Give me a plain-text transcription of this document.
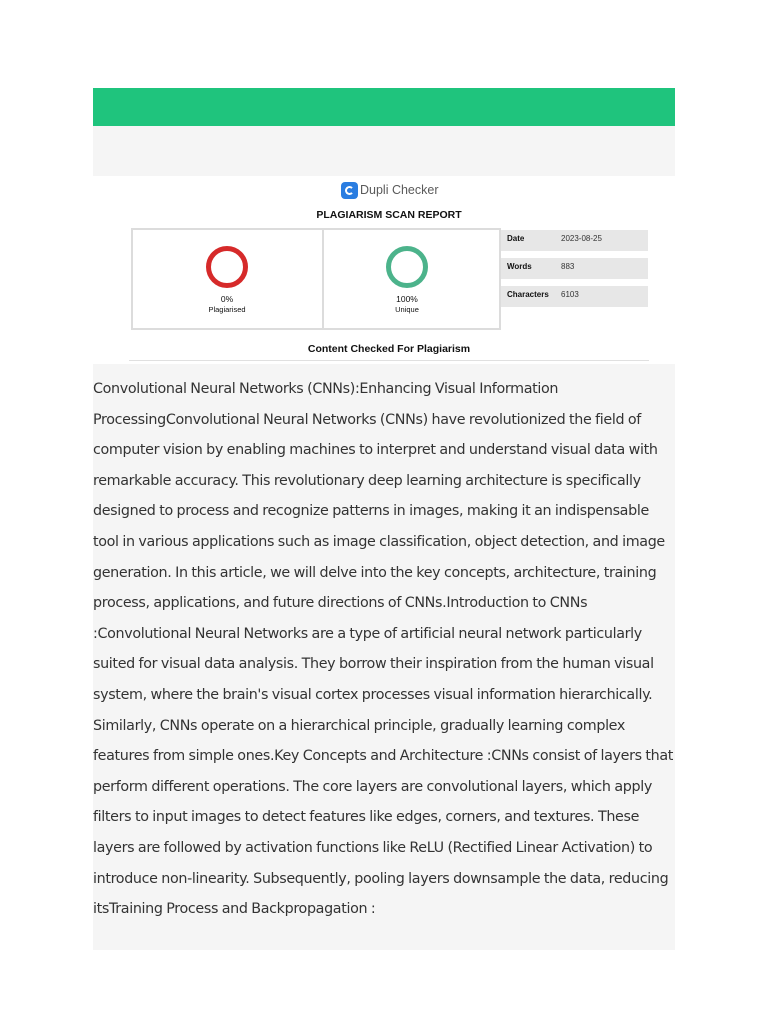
Dupli Checker
PLAGIARISM SCAN REPORT
0%
Plagiarised
100%
Unique
Date	2023-08-25
Words	883
Characters 6103
Content Checked For Plagiarism

Convolutional Neural Networks (CNNs):Enhancing Visual Information ProcessingConvolutional Neural Networks (CNNs) have revolutionized the field of computer vision by enabling machines to interpret and understand visual data with remarkable accuracy. This revolutionary deep learning architecture is specifically designed to process and recognize patterns in images, making it an indispensable tool in various applications such as image classification, object detection, and image generation. In this article, we will delve into the key concepts, architecture, training process, applications, and future directions of CNNs.Introduction to CNNs :Convolutional Neural Networks are a type of artificial neural network particularly suited for visual data analysis. They borrow their inspiration from the human visual system, where the brain's visual cortex processes visual information hierarchically. Similarly, CNNs operate on a hierarchical principle, gradually learning complex features from simple ones.Key Concepts and Architecture :CNNs consist of layers that perform different operations. The core layers are convolutional layers, which apply filters to input images to detect features like edges, corners, and textures. These layers are followed by activation functions like ReLU (Rectified Linear Activation) to introduce non-linearity. Subsequently, pooling layers downsample the data, reducing itsTraining Process and Backpropagation :
